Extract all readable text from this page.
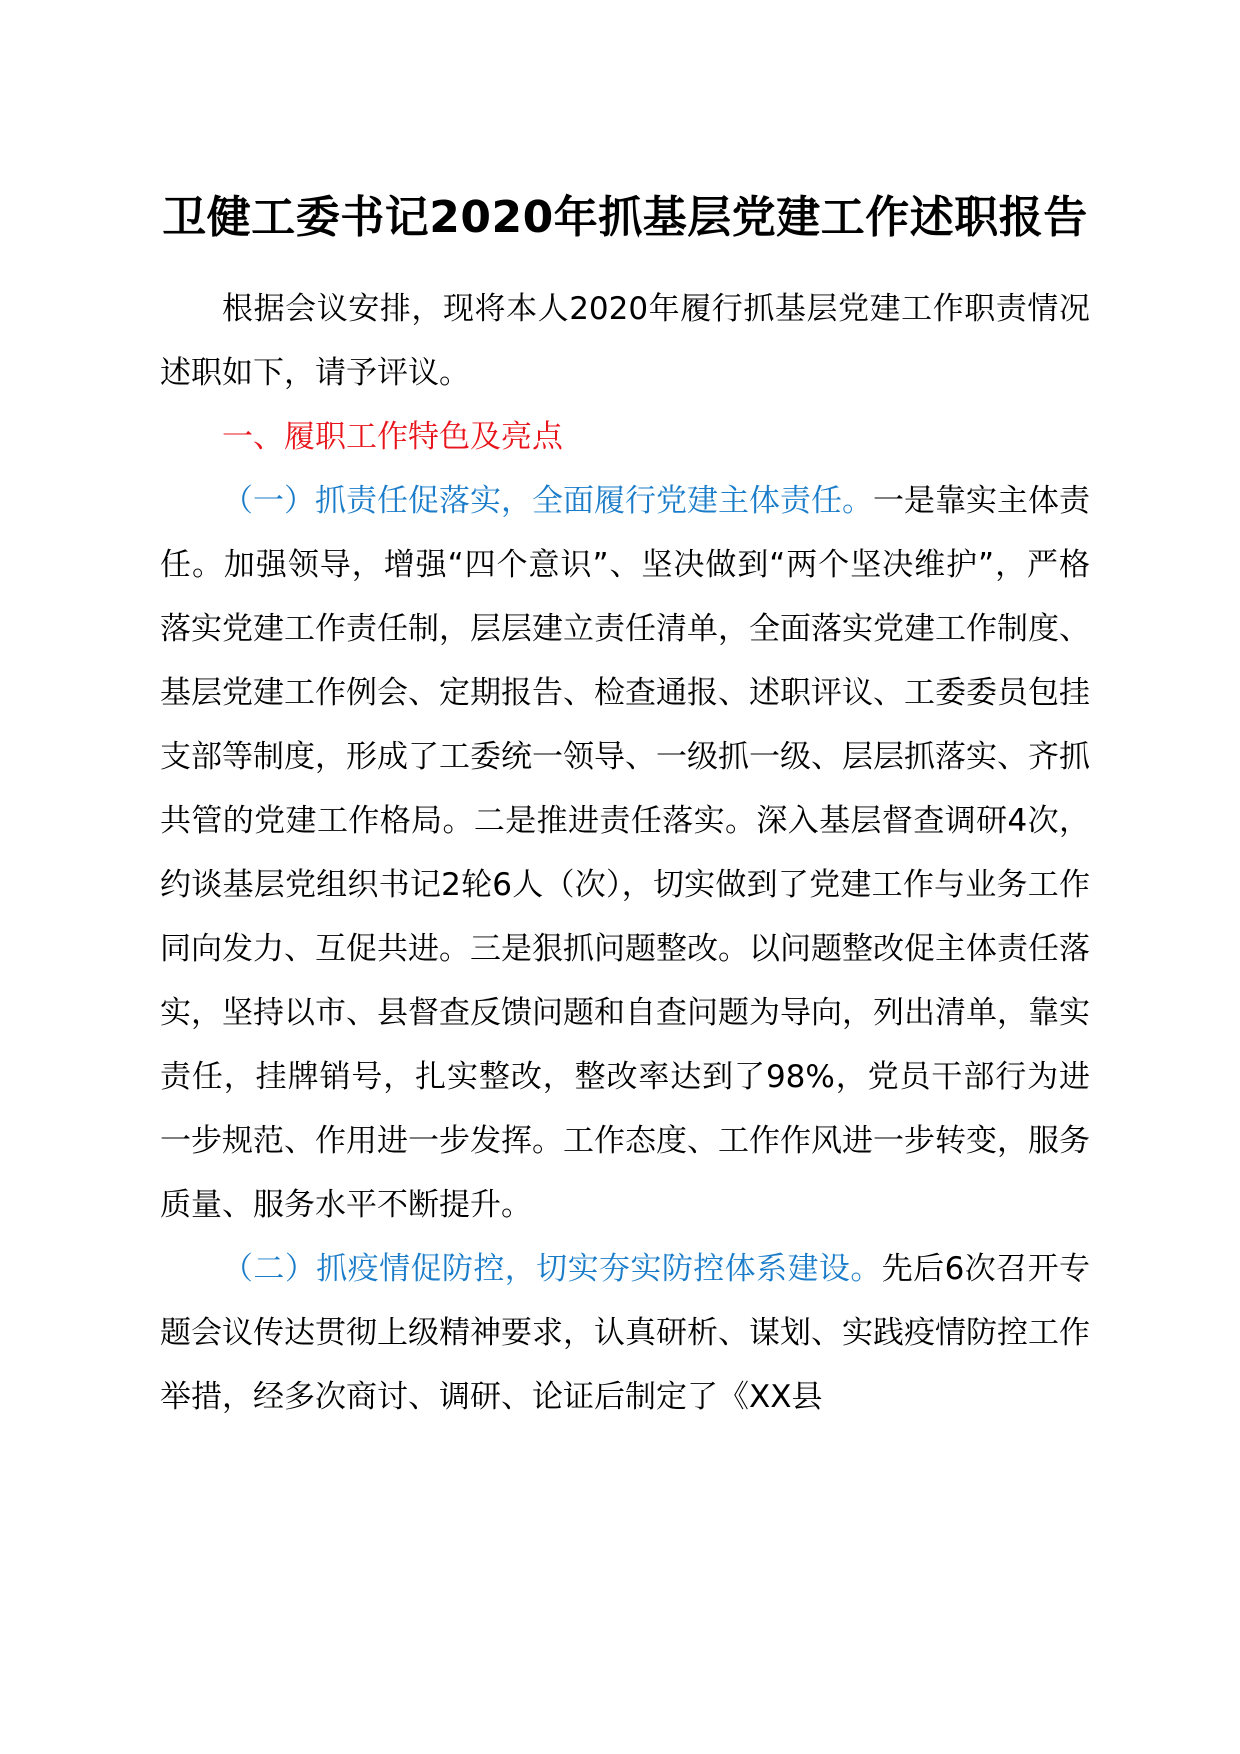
卫健工委书记2020年抓基层党建工作述职报告

根据会议安排，现将本人2020年履行抓基层党建工作职责情况述职如下，请予评议。

一、履职工作特色及亮点

（一）抓责任促落实，全面履行党建主体责任。一是靠实主体责任。加强领导，增强“四个意识”、坚决做到“两个坚决维护”，严格落实党建工作责任制，层层建立责任清单，全面落实党建工作制度、基层党建工作例会、定期报告、检查通报、述职评议、工委委员包挂支部等制度，形成了工委统一领导、一级抓一级、层层抓落实、齐抓共管的党建工作格局。二是推进责任落实。深入基层督查调研4次，约谈基层党组织书记2轮6人（次），切实做到了党建工作与业务工作同向发力、互促共进。三是狠抓问题整改。以问题整改促主体责任落实，坚持以市、县督查反馈问题和自查问题为导向，列出清单，靠实责任，挂牌销号，扎实整改，整改率达到了98%，党员干部行为进一步规范、作用进一步发挥。工作态度、工作作风进一步转变，服务质量、服务水平不断提升。

（二）抓疫情促防控，切实夯实防控体系建设。先后6次召开专题会议传达贯彻上级精神要求，认真研析、谋划、实践疫情防控工作举措，经多次商讨、调研、论证后制定了《XX县
